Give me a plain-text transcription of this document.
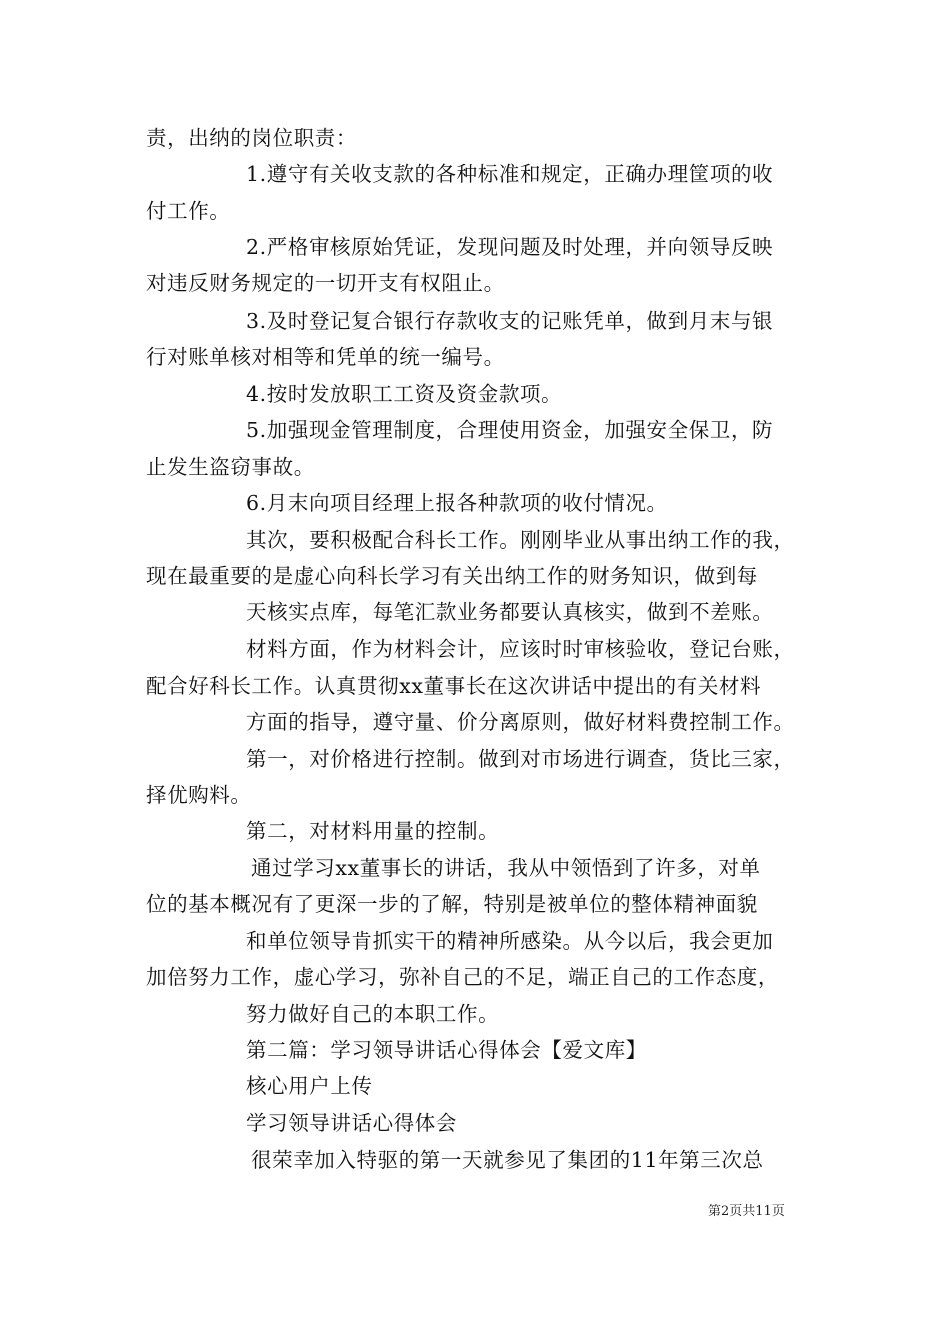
责，出纳的岗位职责：
1.遵守有关收支款的各种标准和规定，正确办理筐项的收
付工作。
2.严格审核原始凭证，发现问题及时处理，并向领导反映
对违反财务规定的一切开支有权阻止。
3.及时登记复合银行存款收支的记账凭单，做到月末与银
行对账单核对相等和凭单的统一编号。
4.按时发放职工工资及资金款项。
5.加强现金管理制度，合理使用资金，加强安全保卫，防
止发生盗窃事故。
6.月末向项目经理上报各种款项的收付情况。
其次，要积极配合科长工作。刚刚毕业从事出纳工作的我，
现在最重要的是虚心向科长学习有关出纳工作的财务知识，做到每
天核实点库，每笔汇款业务都要认真核实，做到不差账。
材料方面，作为材料会计，应该时时审核验收，登记台账，
配合好科长工作。认真贯彻xx董事长在这次讲话中提出的有关材料
方面的指导，遵守量、价分离原则，做好材料费控制工作。
第一，对价格进行控制。做到对市场进行调查，货比三家，
择优购料。
第二，对材料用量的控制。
通过学习xx董事长的讲话，我从中领悟到了许多，对单
位的基本概况有了更深一步的了解，特别是被单位的整体精神面貌
和单位领导肯抓实干的精神所感染。从今以后，我会更加
加倍努力工作，虚心学习，弥补自己的不足，端正自己的工作态度，
努力做好自己的本职工作。
第二篇：学习领导讲话心得体会【爱文库】
核心用户上传
学习领导讲话心得体会
很荣幸加入特驱的第一天就参见了集团的11年第三次总
第2页共11页
